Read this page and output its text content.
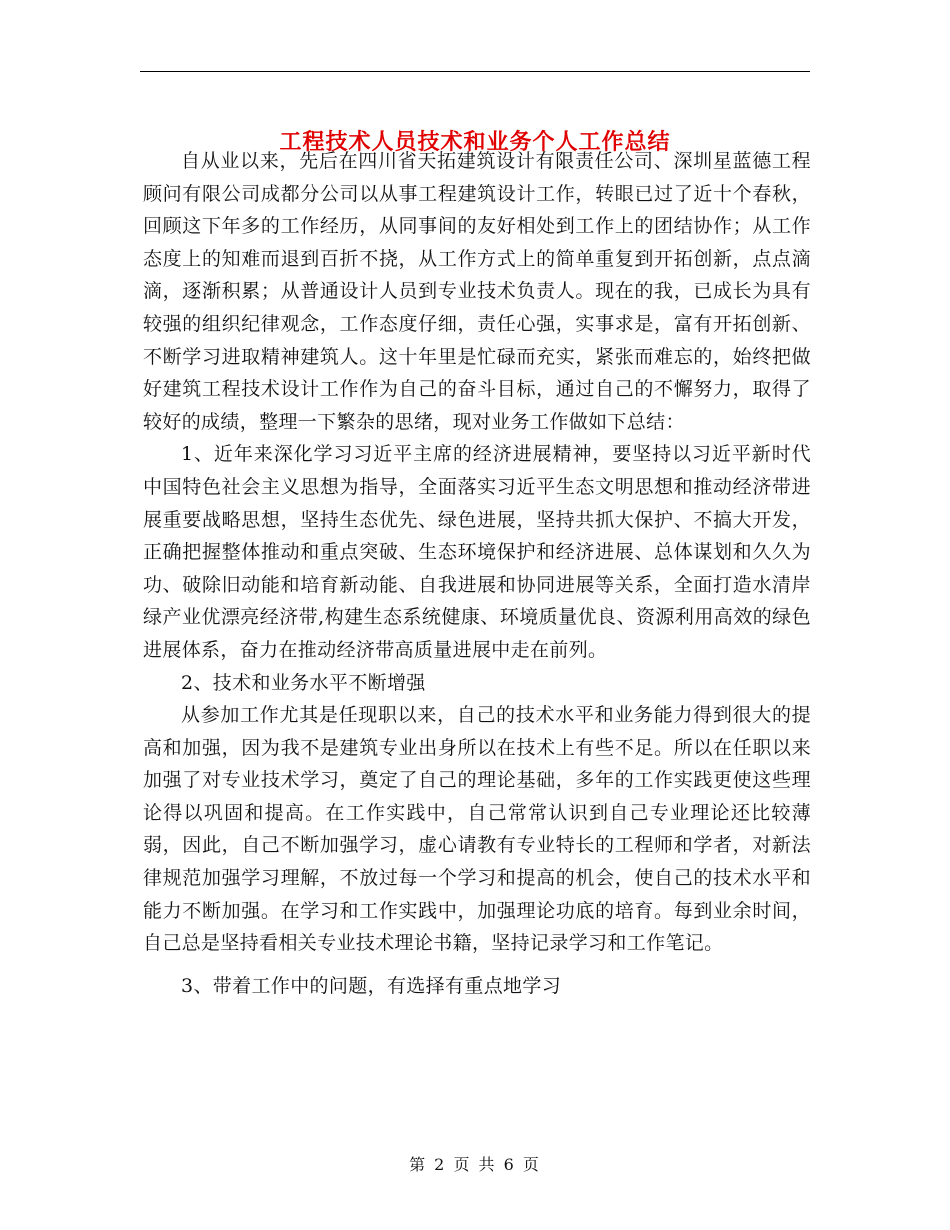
工程技术人员技术和业务个人工作总结

自从业以来，先后在四川省天拓建筑设计有限责任公司、深圳星蓝德工程顾问有限公司成都分公司以从事工程建筑设计工作，转眼已过了近十个春秋， 回顾这下年多的工作经历，从同事间的友好相处到工作上的团结协作；从工作态度上的知难而退到百折不挠，从工作方式上的简单重复到开拓创新，点点滴滴，逐渐积累；从普通设计人员到专业技术负责人。现在的我，已成长为具有较强的组织纪律观念，工作态度仔细，责任心强，实事求是，富有开拓创新、不断学习进取精神建筑人。这十年里是忙碌而充实，紧张而难忘的，始终把做好建筑工程技术设计工作作为自己的奋斗目标，通过自己的不懈努力，取得了较好的成绩，整理一下繁杂的思绪，现对业务工作做如下总结：

1、近年来深化学习习近平主席的经济进展精神，要坚持以习近平新时代中国特色社会主义思想为指导，全面落实习近平生态文明思想和推动经济带进展重要战略思想，坚持生态优先、绿色进展，坚持共抓大保护、不搞大开发，正确把握整体推动和重点突破、生态环境保护和经济进展、总体谋划和久久为功、破除旧动能和培育新动能、自我进展和协同进展等关系，全面打造水清岸绿产业优漂亮经济带,构建生态系统健康、环境质量优良、资源利用高效的绿色进展体系，奋力在推动经济带高质量进展中走在前列。

2、技术和业务水平不断增强

从参加工作尤其是任现职以来，自己的技术水平和业务能力得到很大的提高和加强，因为我不是建筑专业出身所以在技术上有些不足。所以在任职以来加强了对专业技术学习，奠定了自己的理论基础，多年的工作实践更使这些理论得以巩固和提高。在工作实践中，自己常常认识到自己专业理论还比较薄弱，因此，自己不断加强学习，虚心请教有专业特长的工程师和学者，对新法律规范加强学习理解，不放过每一个学习和提高的机会，使自己的技术水平和能力不断加强。在学习和工作实践中，加强理论功底的培育。每到业余时间，自己总是坚持看相关专业技术理论书籍，坚持记录学习和工作笔记。

3、带着工作中的问题，有选择有重点地学习

第 2 页 共 6 页
